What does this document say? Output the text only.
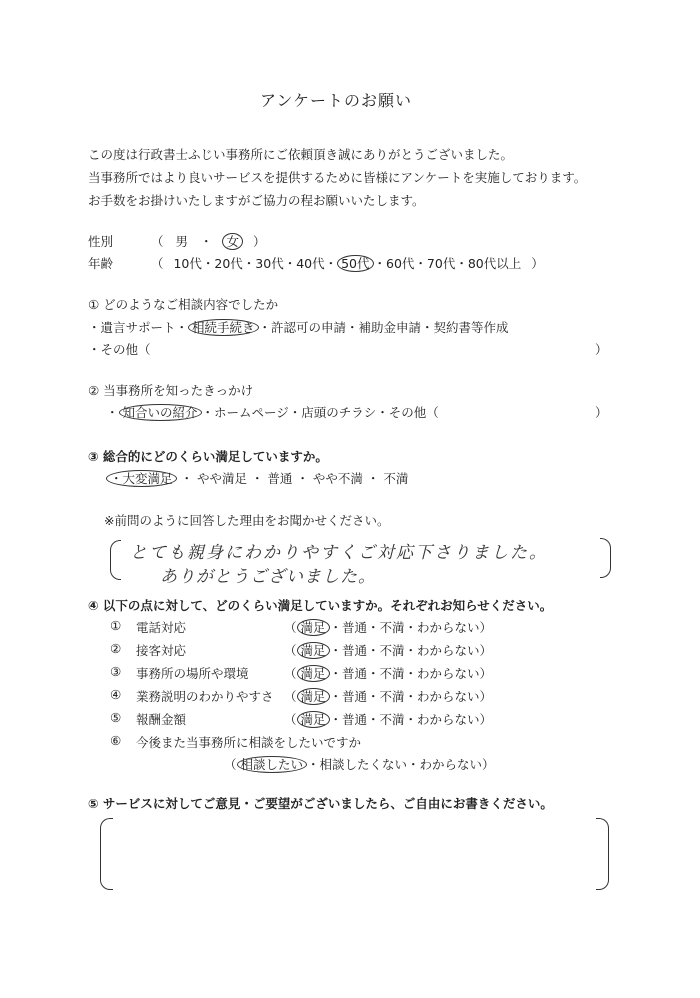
アンケートのお願い
この度は行政書士ふじい事務所にご依頼頂き誠にありがとうございました。
当事務所ではより良いサービスを提供するために皆様にアンケートを実施しております。
お手数をお掛けいたしますがご協力の程お願いいたします。
性別	（ 男 ・ 女 ）
年齢	（ 10代・20代・30代・40代・ 50代 ・60代・70代・80代以上 ）
① どのようなご相談内容でしたか
・遺言サポート・ 相続手続き ・許認可の申請・補助金申請・契約書等作成
・その他（	）
② 当事務所を知ったきっかけ
・ 知合いの紹介 ・ホームページ・店頭のチラシ・その他（	）
③ 総合的にどのくらい満足していますか。
・大変満足 ・ やや満足 ・ 普通 ・ やや不満 ・ 不満
※前問のように回答した理由をお聞かせください。
とても親身にわかりやすくご対応下さりました。
ありがとうございました。
④ 以下の点に対して、どのくらい満足していますか。それぞれお知らせください。
① 電話対応	（ 満足 ・普通・不満・わからない）
② 接客対応	（ 満足 ・普通・不満・わからない）
③ 事務所の場所や環境	（ 満足 ・普通・不満・わからない）
④ 業務説明のわかりやすさ （ 満足 ・普通・不満・わからない）
⑤ 報酬金額	（ 満足 ・普通・不満・わからない）
⑥ 今後また当事務所に相談をしたいですか
（ 相談したい ・相談したくない・わからない）
⑤ サービスに対してご意見・ご要望がございましたら、ご自由にお書きください。
